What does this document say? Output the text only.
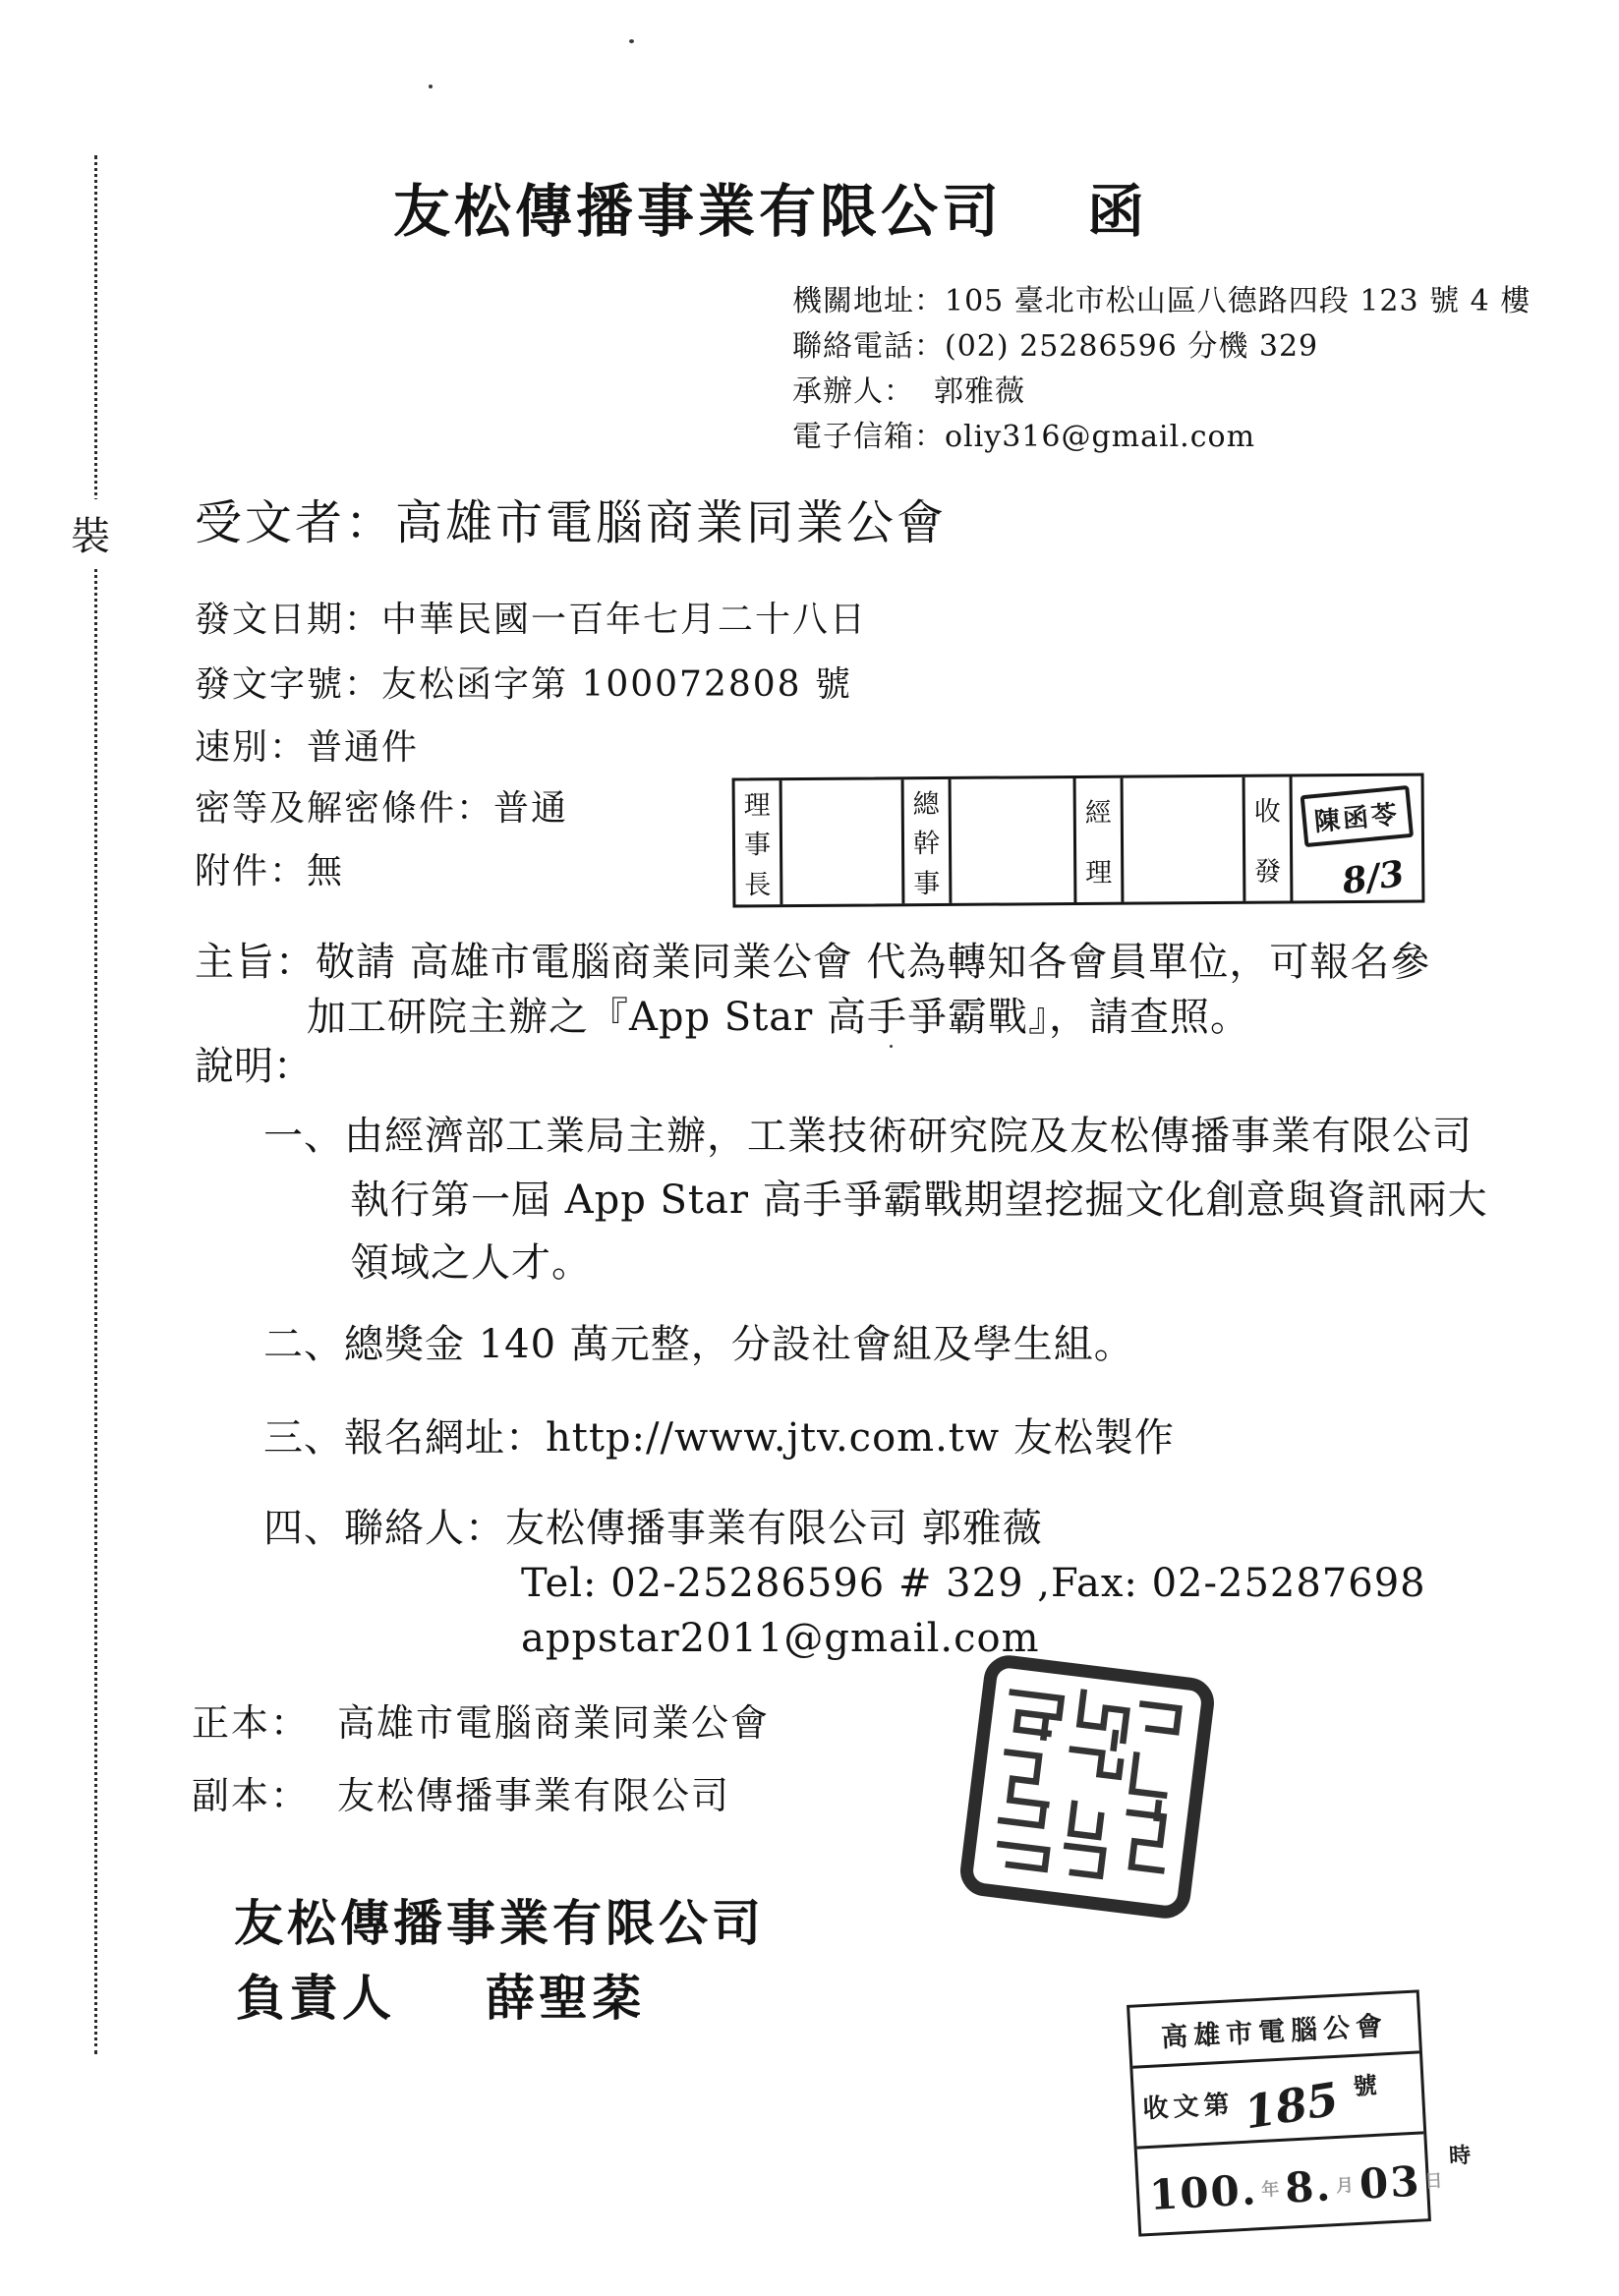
裝
友松傳播事業有限公司 函
機關地址：105 臺北市松山區八德路四段 123 號 4 樓
聯絡電話：(02) 25286596 分機 329
承辦人： 郭雅薇
電子信箱：oliy316@gmail.com
受文者：高雄市電腦商業同業公會
發文日期：中華民國一百年七月二十八日
發文字號：友松函字第 100072808 號
速別：普通件
密等及解密條件：普通
附件：無
理
事
長
總
幹
事
經
理
收
發
陳函苓
8/3
主旨：敬請 高雄市電腦商業同業公會 代為轉知各會員單位，可報名參
加工研院主辦之『App Star 高手爭霸戰』，請查照。
說明：
一、由經濟部工業局主辦，工業技術研究院及友松傳播事業有限公司
執行第一屆 App Star 高手爭霸戰期望挖掘文化創意與資訊兩大
領域之人才。
二、總獎金 140 萬元整，分設社會組及學生組。
三、報名網址：http://www.jtv.com.tw 友松製作
四、聯絡人：友松傳播事業有限公司 郭雅薇
Tel: 02-25286596 # 329 ,Fax: 02-25287698
appstar2011@gmail.com
正本： 高雄市電腦商業同業公會
副本： 友松傳播事業有限公司
友松傳播事業有限公司
負責人 薛聖棻
高雄市電腦公會
收文第 185 號
100. 年 8. 月 03 日
時
